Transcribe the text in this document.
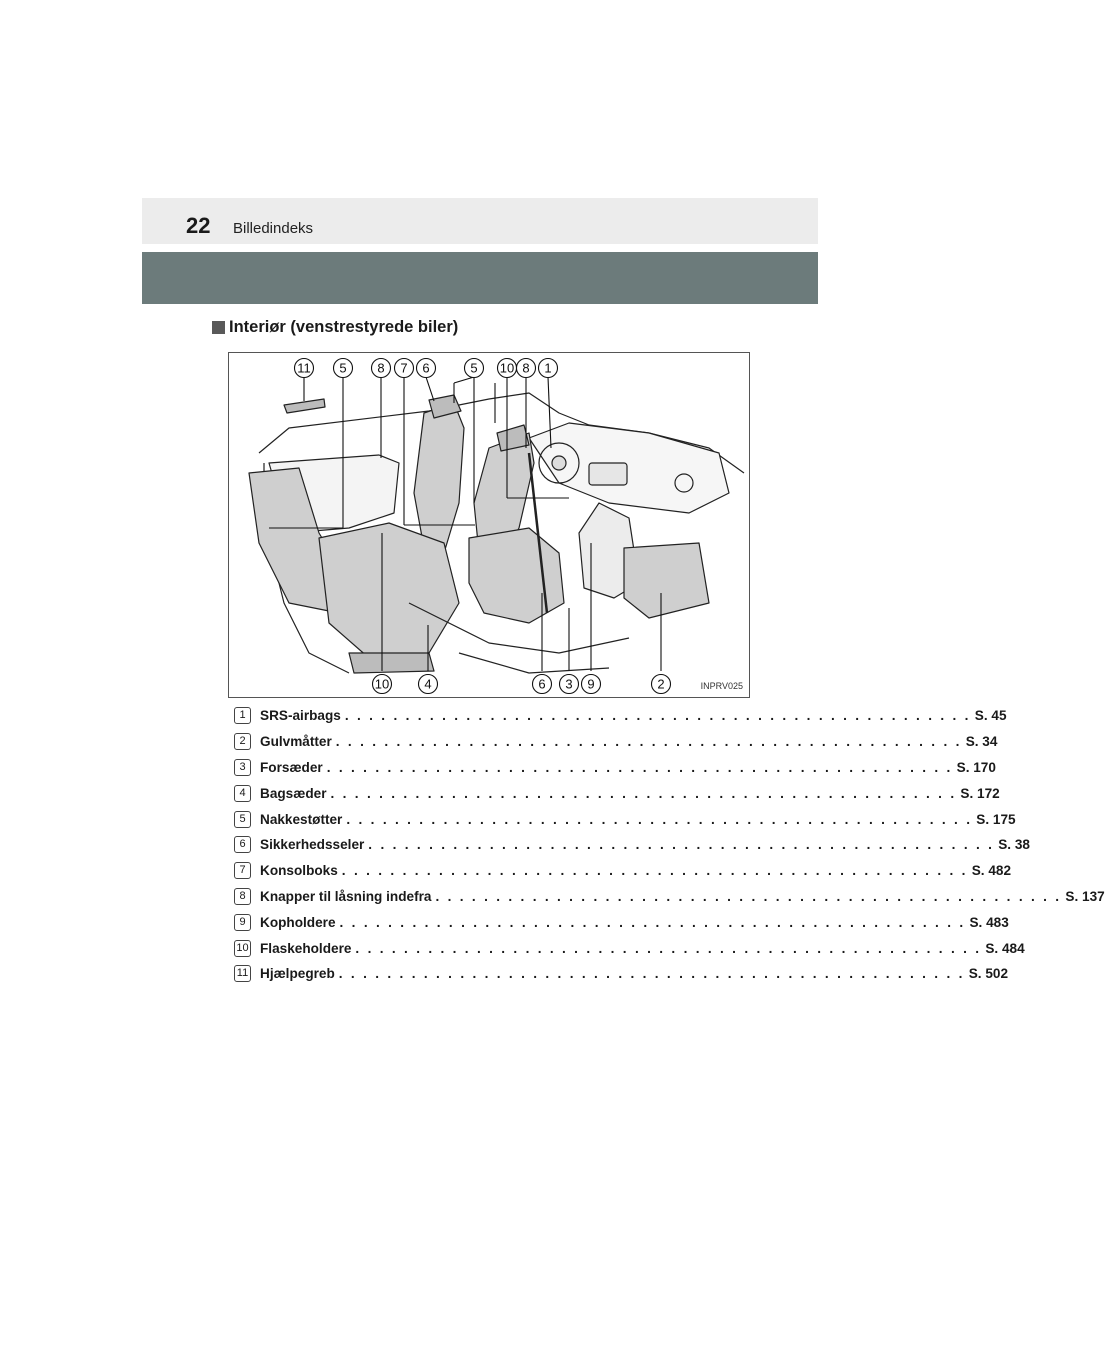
22 Billedindeks
Interiør (venstrestyrede biler)
11 5 8 7 6	5 10 8 1
10	4	6 3 9	2	INPRV025
1	SRS-airbags . . . . . . . . . . . . . . . . . . . . . . . . . . . . . . . . . . . . . . . . . . . . . . . . . . . . S. 45
2	Gulvmåtter . . . . . . . . . . . . . . . . . . . . . . . . . . . . . . . . . . . . . . . . . . . . . . . . . . . . S. 34
3	Forsæder . . . . . . . . . . . . . . . . . . . . . . . . . . . . . . . . . . . . . . . . . . . . . . . . . . . . S. 170
4	Bagsæder . . . . . . . . . . . . . . . . . . . . . . . . . . . . . . . . . . . . . . . . . . . . . . . . . . . . S. 172
5	Nakkestøtter . . . . . . . . . . . . . . . . . . . . . . . . . . . . . . . . . . . . . . . . . . . . . . . . . . . . S. 175
6	Sikkerhedsseler . . . . . . . . . . . . . . . . . . . . . . . . . . . . . . . . . . . . . . . . . . . . . . . . . . . . S. 38
7	Konsolboks . . . . . . . . . . . . . . . . . . . . . . . . . . . . . . . . . . . . . . . . . . . . . . . . . . . . S. 482
8	Knapper til låsning indefra . . . . . . . . . . . . . . . . . . . . . . . . . . . . . . . . . . . . . . . . . . . . . . . . . . . . S. 137
9	Kopholdere . . . . . . . . . . . . . . . . . . . . . . . . . . . . . . . . . . . . . . . . . . . . . . . . . . . . S. 483
10 Flaskeholdere . . . . . . . . . . . . . . . . . . . . . . . . . . . . . . . . . . . . . . . . . . . . . . . . . . . . S. 484
11 Hjælpegreb . . . . . . . . . . . . . . . . . . . . . . . . . . . . . . . . . . . . . . . . . . . . . . . . . . . . S. 502
